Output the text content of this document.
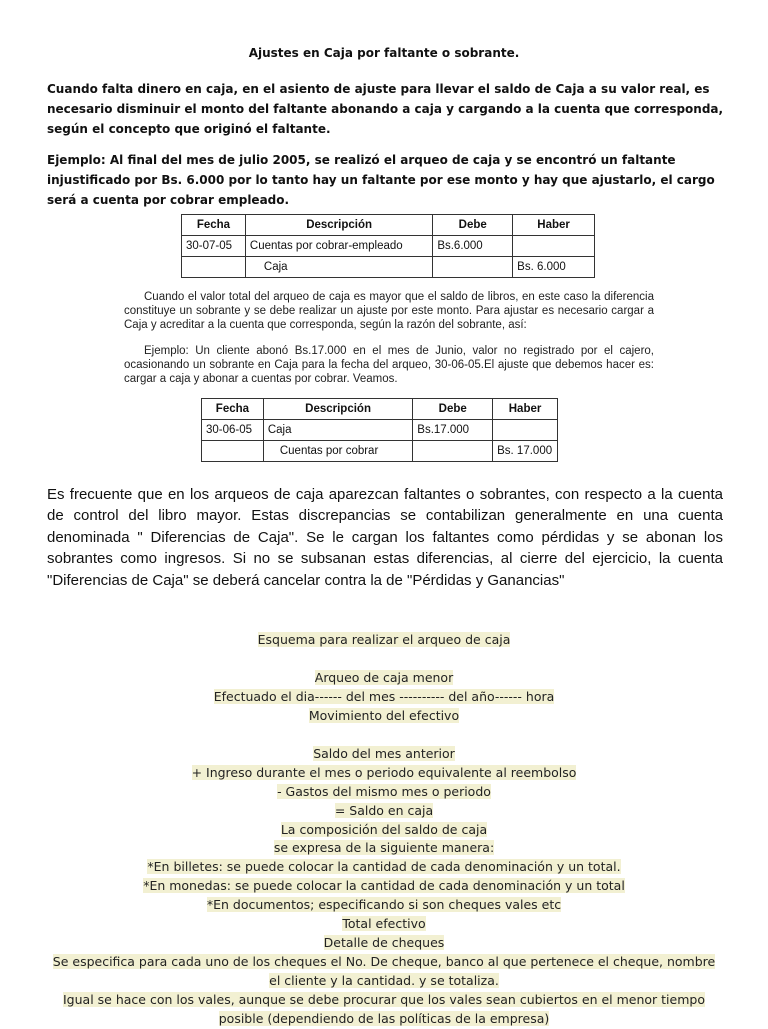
Ajustes en Caja por faltante o sobrante.

Cuando falta dinero en caja, en el asiento de ajuste para llevar el saldo de Caja a su valor real, es necesario disminuir el monto del faltante abonando a caja y cargando a la cuenta que corresponda, según el concepto que originó el faltante.

Ejemplo: Al final del mes de julio 2005, se realizó el arqueo de caja y se encontró un faltante injustificado por Bs. 6.000 por lo tanto hay un faltante por ese monto y hay que ajustarlo, el cargo será a cuenta por cobrar empleado.

Fecha	Descripción	Debe	Haber
30-07-05	Cuentas por cobrar-empleado	Bs.6.000	
	Caja		Bs. 6.000

Cuando el valor total del arqueo de caja es mayor que el saldo de libros, en este caso la diferencia constituye un sobrante y se debe realizar un ajuste por este monto. Para ajustar es necesario cargar a Caja y acreditar a la cuenta que corresponda, según la razón del sobrante, así:

Ejemplo: Un cliente abonó Bs.17.000 en el mes de Junio, valor no registrado por el cajero, ocasionando un sobrante en Caja para la fecha del arqueo, 30-06-05.El ajuste que debemos hacer es: cargar a caja y abonar a cuentas por cobrar. Veamos.

Fecha	Descripción	Debe	Haber
30-06-05	Caja	Bs.17.000	
	Cuentas por cobrar		Bs. 17.000

Es frecuente que en los arqueos de caja aparezcan faltantes o sobrantes, con respecto a la cuenta de control del libro mayor. Estas discrepancias se contabilizan generalmente en una cuenta denominada " Diferencias de Caja". Se le cargan los faltantes como pérdidas y se abonan los sobrantes como ingresos. Si no se subsanan estas diferencias, al cierre del ejercicio, la cuenta "Diferencias de Caja" se deberá cancelar contra la de "Pérdidas y Ganancias"

Esquema para realizar el arqueo de caja
Arqueo de caja menor
Efectuado el dia------ del mes ---------- del año------ hora
Movimiento del efectivo
Saldo del mes anterior
+ Ingreso durante el mes o periodo equivalente al reembolso
- Gastos del mismo mes o periodo
= Saldo en caja
La composición del saldo de caja
se expresa de la siguiente manera:
*En billetes: se puede colocar la cantidad de cada denominación y un total.
*En monedas: se puede colocar la cantidad de cada denominación y un total
*En documentos; especificando si son cheques vales etc
Total efectivo
Detalle de cheques
Se especifica para cada uno de los cheques el No. De cheque, banco al que pertenece el cheque, nombre
el cliente y la cantidad. y se totaliza.
Igual se hace con los vales, aunque se debe procurar que los vales sean cubiertos en el menor tiempo
posible (dependiendo de las políticas de la empresa)
